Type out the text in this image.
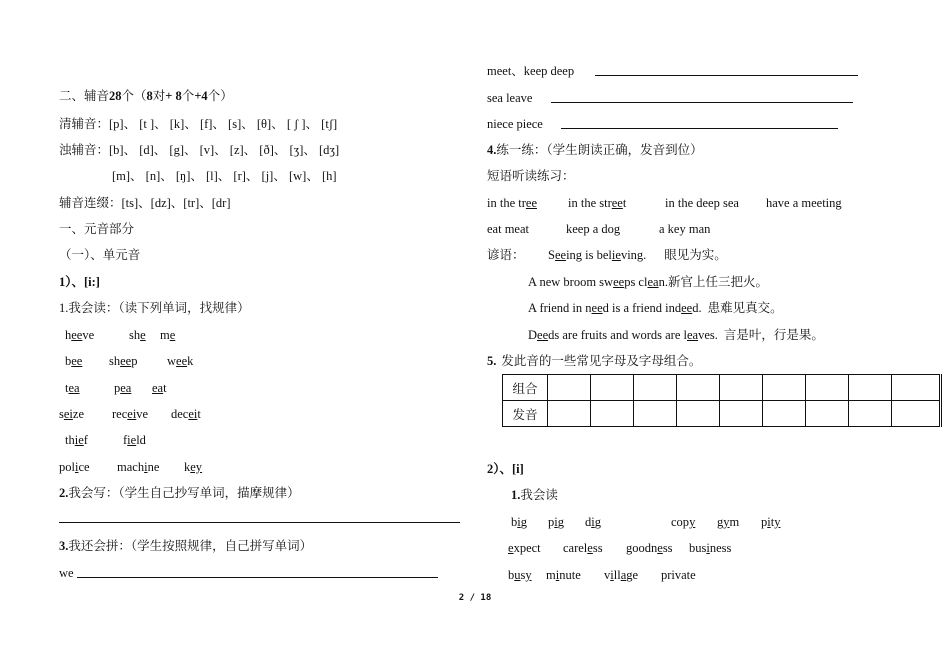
二、辅音28个（8对+ 8个+4个）
清辅音：[p]、 [t ]、 [k]、 [f]、 [s]、 [θ]、 [ ʃ ]、 [tʃ]
浊辅音：[b]、 [d]、 [g]、 [v]、 [z]、 [ð]、 [ʒ]、 [dʒ]
[m]、 [n]、 [ŋ]、 [l]、 [r]、 [j]、 [w]、 [h]
辅音连缀：[ts]、[dz]、[tr]、[dr]
一、元音部分
（一）、单元音
1）、[i:]
1.我会读：（读下列单词，找规律）
heeve	she me
bee sheep week
tea	pea eat
seize receive deceit
thief	field
police machine key
2.我会写：（学生自己抄写单词，描摩规律）
3.我还会拼：（学生按照规律，自己拼写单词）
we
meet、keep deep
sea leave
niece piece
4.练一练：（学生朗读正确，发音到位）
短语听读练习：
in the tree in the street	in the deep sea have a meeting
eat meat	keep a dog	a key man
谚语： Seeing is believing. 眼见为实。
A new broom sweeps clean.新官上任三把火。
A friend in need is a friend indeed. 患难见真交。
Deeds are fruits and words are leaves. 言是叶，行是果。
5. 发此音的一些常见字母及字母组合。
组合									
发音									
2）、[i]
1.我会读
big pig dig	copy gym pity
expect careless goodness business
busy minute village private
2 / 18
